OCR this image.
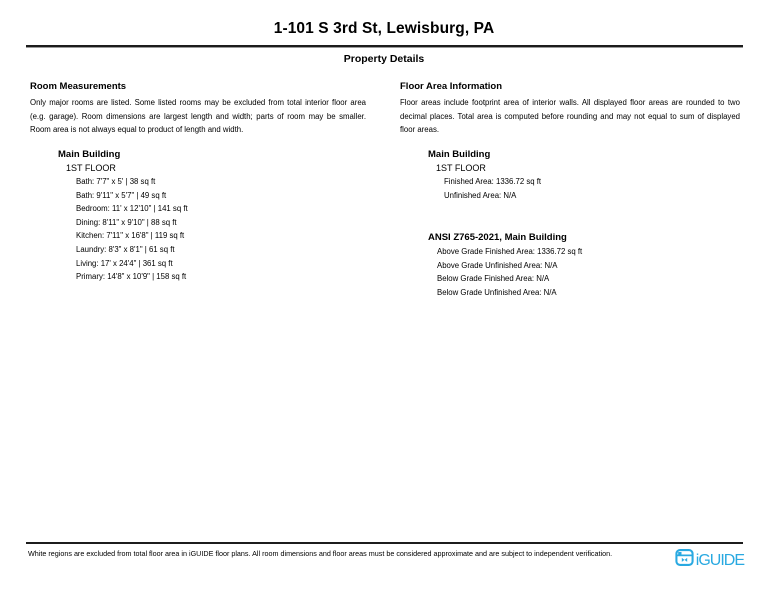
1-101 S 3rd St, Lewisburg, PA
Property Details
Room Measurements

Only major rooms are listed. Some listed rooms may be excluded from total interior floor area (e.g. garage). Room dimensions are largest length and width; parts of room may be smaller. Room area is not always equal to product of length and width.

Main Building
1ST FLOOR
Bath: 7'7" x 5' | 38 sq ft
Bath: 9'11" x 5'7" | 49 sq ft
Bedroom: 11' x 12'10" | 141 sq ft
Dining: 8'11" x 9'10" | 88 sq ft
Kitchen: 7'11" x 16'8" | 119 sq ft
Laundry: 8'3" x 8'1" | 61 sq ft
Living: 17' x 24'4" | 361 sq ft
Primary: 14'8" x 10'9" | 158 sq ft
Floor Area Information

Floor areas include footprint area of interior walls. All displayed floor areas are rounded to two decimal places. Total area is computed before rounding and may not equal to sum of displayed floor areas.

Main Building
1ST FLOOR
Finished Area: 1336.72 sq ft
Unfinished Area: N/A
ANSI Z765-2021, Main Building
Above Grade Finished Area: 1336.72 sq ft
Above Grade Unfinished Area: N/A
Below Grade Finished Area: N/A
Below Grade Unfinished Area: N/A
White regions are excluded from total floor area in iGUIDE floor plans. All room dimensions and floor areas must be considered approximate and are subject to independent verification.	iGUIDE
